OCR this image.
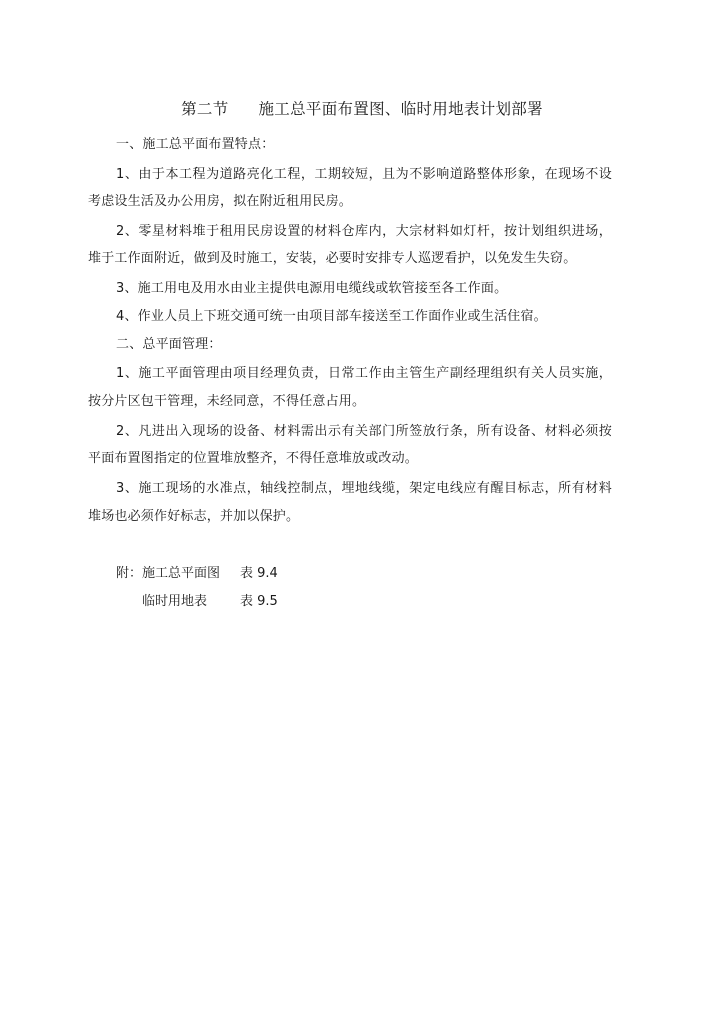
第二节 施工总平面布置图、临时用地表计划部署
一、施工总平面布置特点：
1、由于本工程为道路亮化工程，工期较短，且为不影响道路整体形象，在现场不设
考虑设生活及办公用房，拟在附近租用民房。
2、零星材料堆于租用民房设置的材料仓库内，大宗材料如灯杆，按计划组织进场，
堆于工作面附近，做到及时施工，安装，必要时安排专人巡逻看护，以免发生失窃。
3、施工用电及用水由业主提供电源用电缆线或软管接至各工作面。
4、作业人员上下班交通可统一由项目部车接送至工作面作业或生活住宿。
二、总平面管理：
1、施工平面管理由项目经理负责，日常工作由主管生产副经理组织有关人员实施，
按分片区包干管理，未经同意，不得任意占用。
2、凡进出入现场的设备、材料需出示有关部门所签放行条，所有设备、材料必须按
平面布置图指定的位置堆放整齐，不得任意堆放或改动。
3、施工现场的水准点，轴线控制点，埋地线缆，架定电线应有醒目标志，所有材料
堆场也必须作好标志，并加以保护。
附：施工总平面图 表 9.4
临时用地表	表 9.5
